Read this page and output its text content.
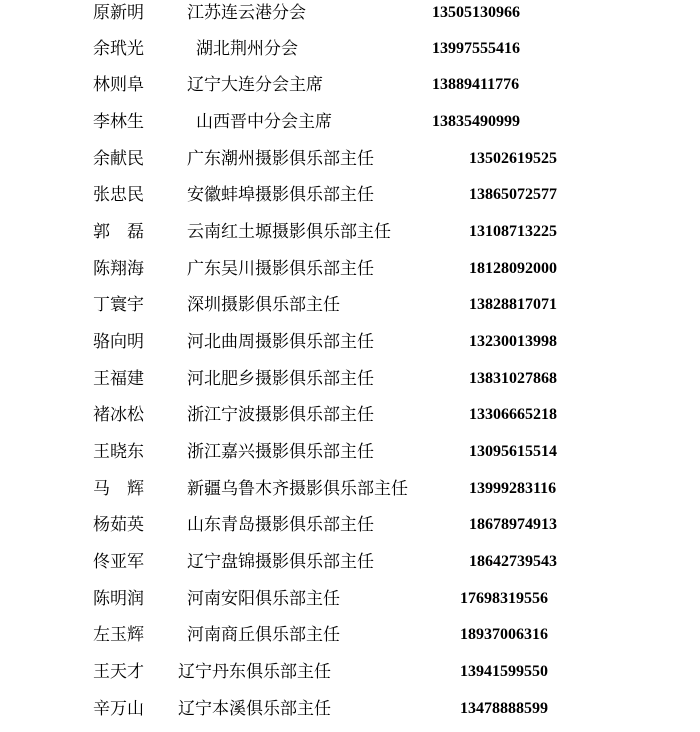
原新明	江苏连云港分会	13505130966
余玳光	湖北荆州分会	13997555416
林则阜	辽宁大连分会主席	13889411776
李林生	山西晋中分会主席	13835490999
余献民	广东潮州摄影俱乐部主任	13502619525
张忠民	安徽蚌埠摄影俱乐部主任	13865072577
郭　磊	云南红土塬摄影俱乐部主任	13108713225
陈翔海	广东吴川摄影俱乐部主任	18128092000
丁寰宇	深圳摄影俱乐部主任	13828817071
骆向明	河北曲周摄影俱乐部主任	13230013998
王福建	河北肥乡摄影俱乐部主任	13831027868
褚冰松	浙江宁波摄影俱乐部主任	13306665218
王晓东	浙江嘉兴摄影俱乐部主任	13095615514
马　辉	新疆乌鲁木齐摄影俱乐部主任	13999283116
杨茹英	山东青岛摄影俱乐部主任	18678974913
佟亚军	辽宁盘锦摄影俱乐部主任	18642739543
陈明润	河南安阳俱乐部主任	17698319556
左玉辉	河南商丘俱乐部主任	18937006316
王天才 辽宁丹东俱乐部主任	13941599550
辛万山 辽宁本溪俱乐部主任	13478888599
